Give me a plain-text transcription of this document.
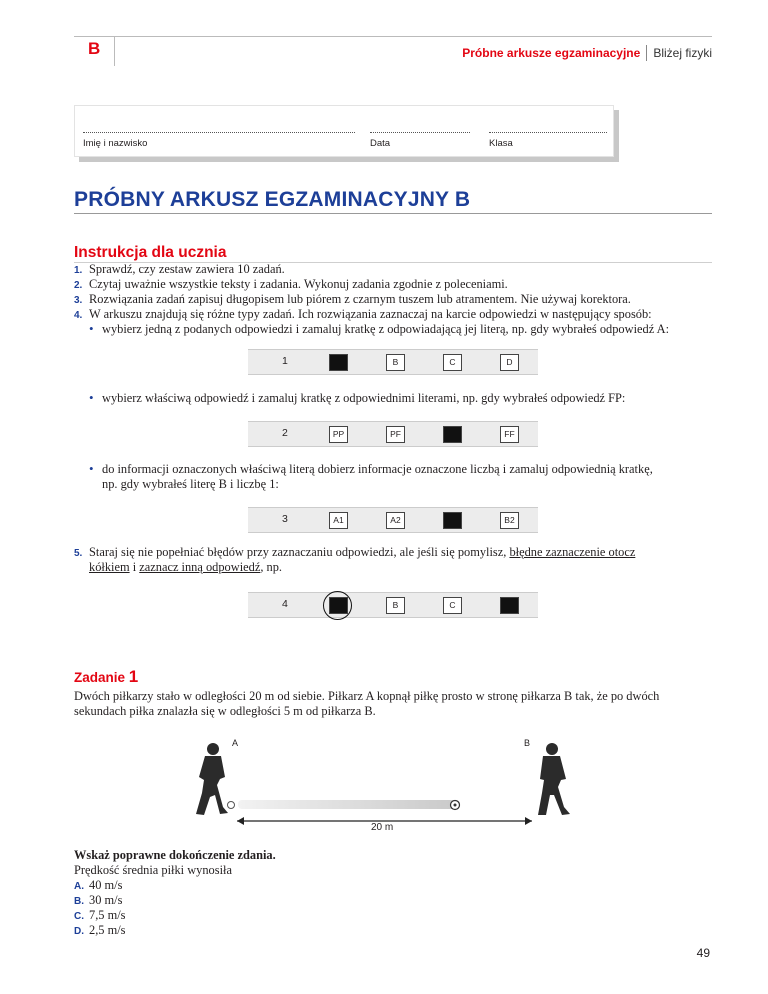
B	Próbne arkusze egzaminacyjne Bliżej fizyki
Imię i nazwisko	Data	Klasa
PRÓBNY ARKUSZ EGZAMINACYJNY B
Instrukcja dla ucznia
1. Sprawdź, czy zestaw zawiera 10 zadań.
2. Czytaj uważnie wszystkie teksty i zadania. Wykonuj zadania zgodnie z poleceniami.
3. Rozwiązania zadań zapisuj długopisem lub piórem z czarnym tuszem lub atramentem. Nie używaj korektora.
4. W arkuszu znajdują się różne typy zadań. Ich rozwiązania zaznaczaj na karcie odpowiedzi w następujący sposób:
• wybierz jedną z podanych odpowiedzi i zamaluj kratkę z odpowiadającą jej literą, np. gdy wybrałeś odpowiedź A:
1	B	C	D
• wybierz właściwą odpowiedź i zamaluj kratkę z odpowiednimi literami, np. gdy wybrałeś odpowiedź FP:
2	PP	PF	FF
• do informacji oznaczonych właściwą literą dobierz informacje oznaczone liczbą i zamaluj odpowiednią kratkę,
np. gdy wybrałeś literę B i liczbę 1:
3	A1	A2	B2
5. Staraj się nie popełniać błędów przy zaznaczaniu odpowiedzi, ale jeśli się pomylisz, błędne zaznaczenie otocz
kółkiem i zaznacz inną odpowiedź, np.
4	B	C
Zadanie 1
Dwóch piłkarzy stało w odległości 20 m od siebie. Piłkarz A kopnął piłkę prosto w stronę piłkarza B tak, że po dwóch
sekundach piłka znalazła się w odległości 5 m od piłkarza B.
A	B
20 m
Wskaż poprawne dokończenie zdania.
Prędkość średnia piłki wynosiła
A. 40 m/s
B. 30 m/s
C. 7,5 m/s
D. 2,5 m/s
49
